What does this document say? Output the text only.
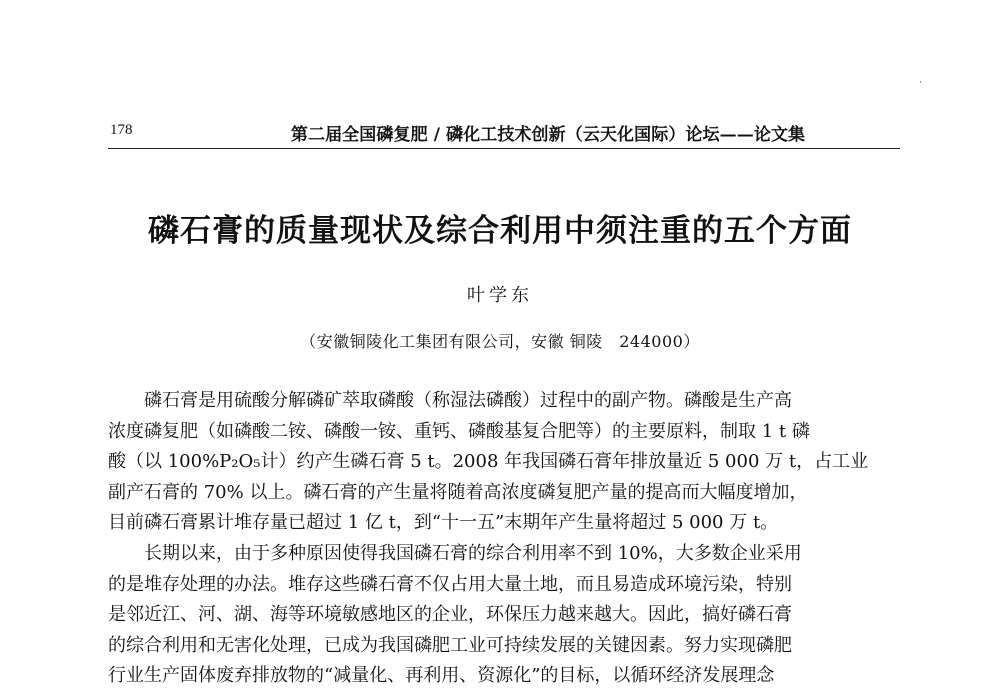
178	第二届全国磷复肥 / 磷化工技术创新（云天化国际）论坛——论文集
磷石膏的质量现状及综合利用中须注重的五个方面
叶学东
（安徽铜陵化工集团有限公司，安徽 铜陵　244000）
磷石膏是用硫酸分解磷矿萃取磷酸（称湿法磷酸）过程中的副产物。磷酸是生产高
浓度磷复肥（如磷酸二铵、磷酸一铵、重钙、磷酸基复合肥等）的主要原料，制取 1 t 磷
酸（以 100%P₂O₅计）约产生磷石膏 5 t。2008 年我国磷石膏年排放量近 5 000 万 t，占工业
副产石膏的 70% 以上。磷石膏的产生量将随着高浓度磷复肥产量的提高而大幅度增加，
目前磷石膏累计堆存量已超过 1 亿 t，到“十一五”末期年产生量将超过 5 000 万 t。
长期以来，由于多种原因使得我国磷石膏的综合利用率不到 10%，大多数企业采用
的是堆存处理的办法。堆存这些磷石膏不仅占用大量土地，而且易造成环境污染，特别
是邻近江、河、湖、海等环境敏感地区的企业，环保压力越来越大。因此，搞好磷石膏
的综合利用和无害化处理，已成为我国磷肥工业可持续发展的关键因素。努力实现磷肥
行业生产固体废弃排放物的“减量化、再利用、资源化”的目标，以循环经济发展理念
